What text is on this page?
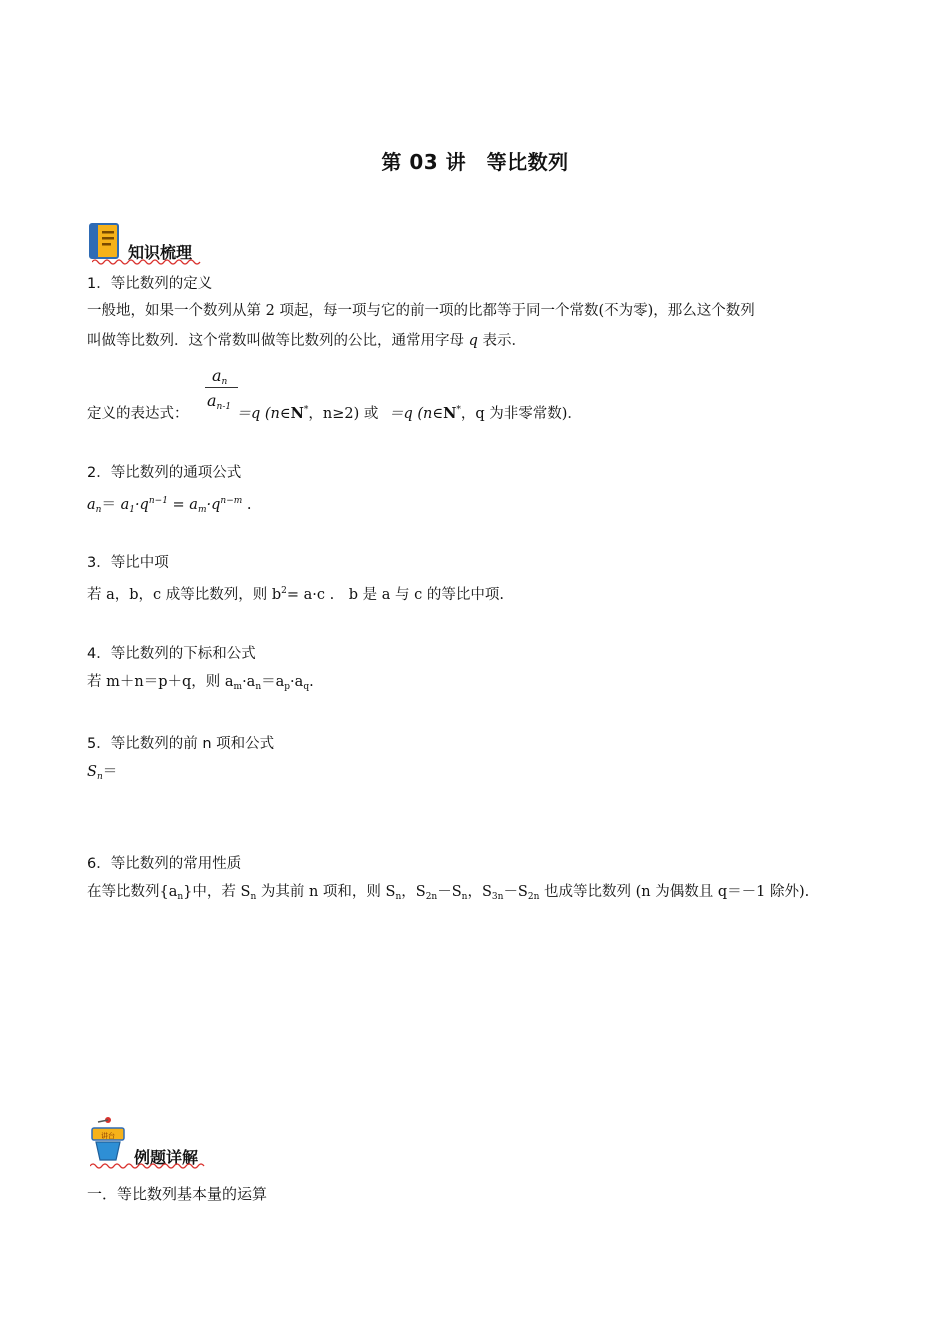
第 03 讲　等比数列
知识梳理
1．等比数列的定义
一般地，如果一个数列从第 2 项起，每一项与它的前一项的比都等于同一个常数(不为零)，那么这个数列
叫做等比数列．这个常数叫做等比数列的公比，通常用字母 q 表示．
$a_n$
$a_{n-1}$
定义的表达式：	＝q (n∈N*，n≥2) 或 ＝q (n∈N*，q 为非零常数)．
2．等比数列的通项公式
$a_n= a_1\cdot q^{n-1} = a_m\cdot q^{n-m}$ .
3．等比中项
若 a，b，c 成等比数列，则 $b^2= a\cdot c$ .　b 是 a 与 c 的等比中项.
4．等比数列的下标和公式
若 m＋n＝p＋q，则 $a_m\cdot a_n=a_p\cdot a_q$.
5．等比数列的前 n 项和公式
$S_n=$
6．等比数列的常用性质
在等比数列$\{a_n\}$中，若 $S_n$ 为其前 n 项和，则 $S_n$，$S_{2n}-S_n$，$S_{3n}-S_{2n}$ 也成等比数列 (n 为偶数且 q＝－1 除外).
讲台
例题详解
一．等比数列基本量的运算
